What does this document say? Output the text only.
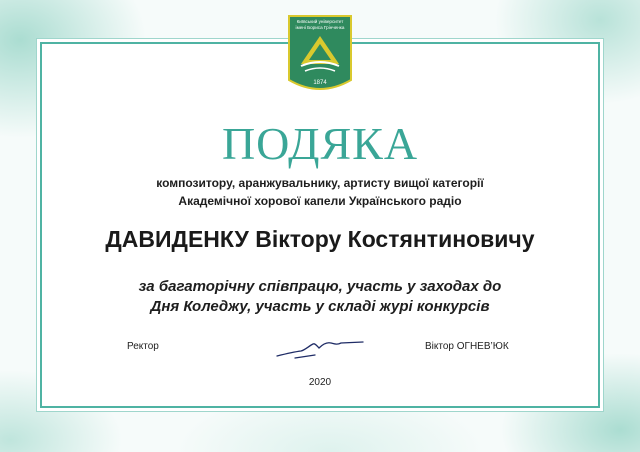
Київський університет
імені Бориса Грінченка
1874
ПОДЯКА
композитору, аранжувальнику, артисту вищої категорії
Академічної хорової капели Українського радіо
ДАВИДЕНКУ Віктору Костянтиновичу
за багаторічну співпрацю, участь у заходах до
Дня Коледжу, участь у складі журі конкурсів
Ректор	Віктор ОГНЕВ’ЮК
2020
